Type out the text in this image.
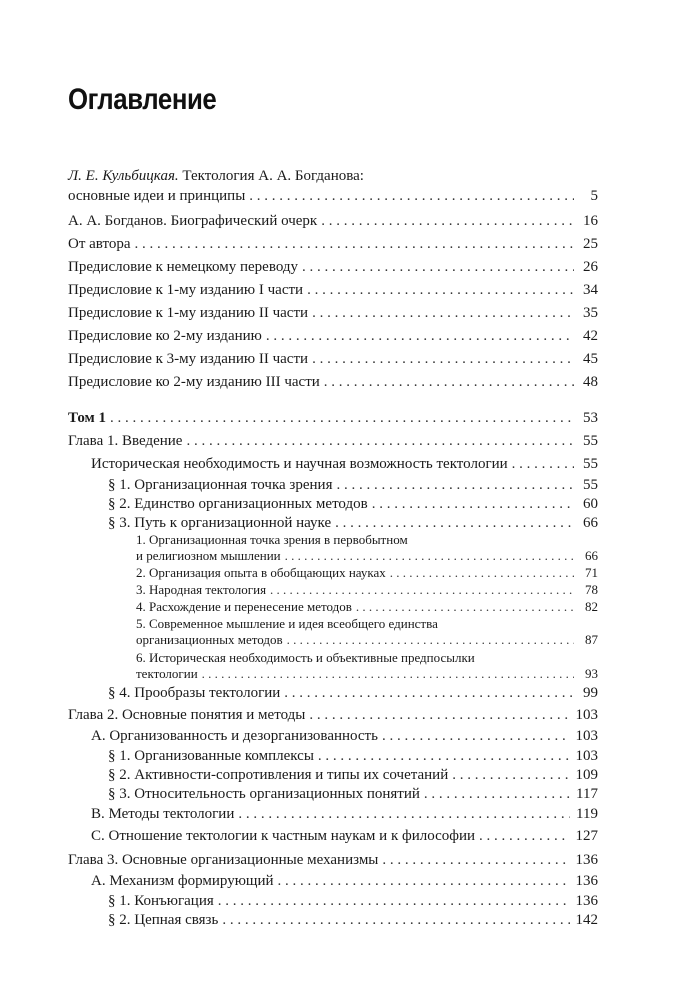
Оглавление
Л. Е. Кульбицкая. Тектология А. А. Богданова:
основные идеи и принципы . . .	5
А. А. Богданов. Биографический очерк . . .	16
От автора . . .	25
Предисловие к немецкому переводу . . .	26
Предисловие к 1-му изданию I части . . .	34
Предисловие к 1-му изданию II части . . .	35
Предисловие ко 2-му изданию . . .	42
Предисловие к 3-му изданию II части . . .	45
Предисловие ко 2-му изданию III части . . .	48
Том 1 . . .	53
Глава 1. Введение . . .	55
Историческая необходимость и научная возможность тектологии . . .	55
§ 1. Организационная точка зрения . . .	55
§ 2. Единство организационных методов . . .	60
§ 3. Путь к организационной науке . . .	66
1. Организационная точка зрения в первобытном
и религиозном мышлении . . .	66
2. Организация опыта в обобщающих науках . . .	71
3. Народная тектология . . .	78
4. Расхождение и перенесение методов . . .	82
5. Современное мышление и идея всеобщего единства
организационных методов . . .	87
6. Историческая необходимость и объективные предпосылки
тектологии . . .	93
§ 4. Прообразы тектологии . . .	99
Глава 2. Основные понятия и методы . . .	103
А. Организованность и дезорганизованность . . .	103
§ 1. Организованные комплексы . . .	103
§ 2. Активности-сопротивления и типы их сочетаний . . .	109
§ 3. Относительность организационных понятий . . .	117
В. Методы тектологии . . .	119
С. Отношение тектологии к частным наукам и к философии . . .	127
Глава 3. Основные организационные механизмы . . .	136
А. Механизм формирующий . . .	136
§ 1. Конъюгация . . .	136
§ 2. Цепная связь . . .	142
